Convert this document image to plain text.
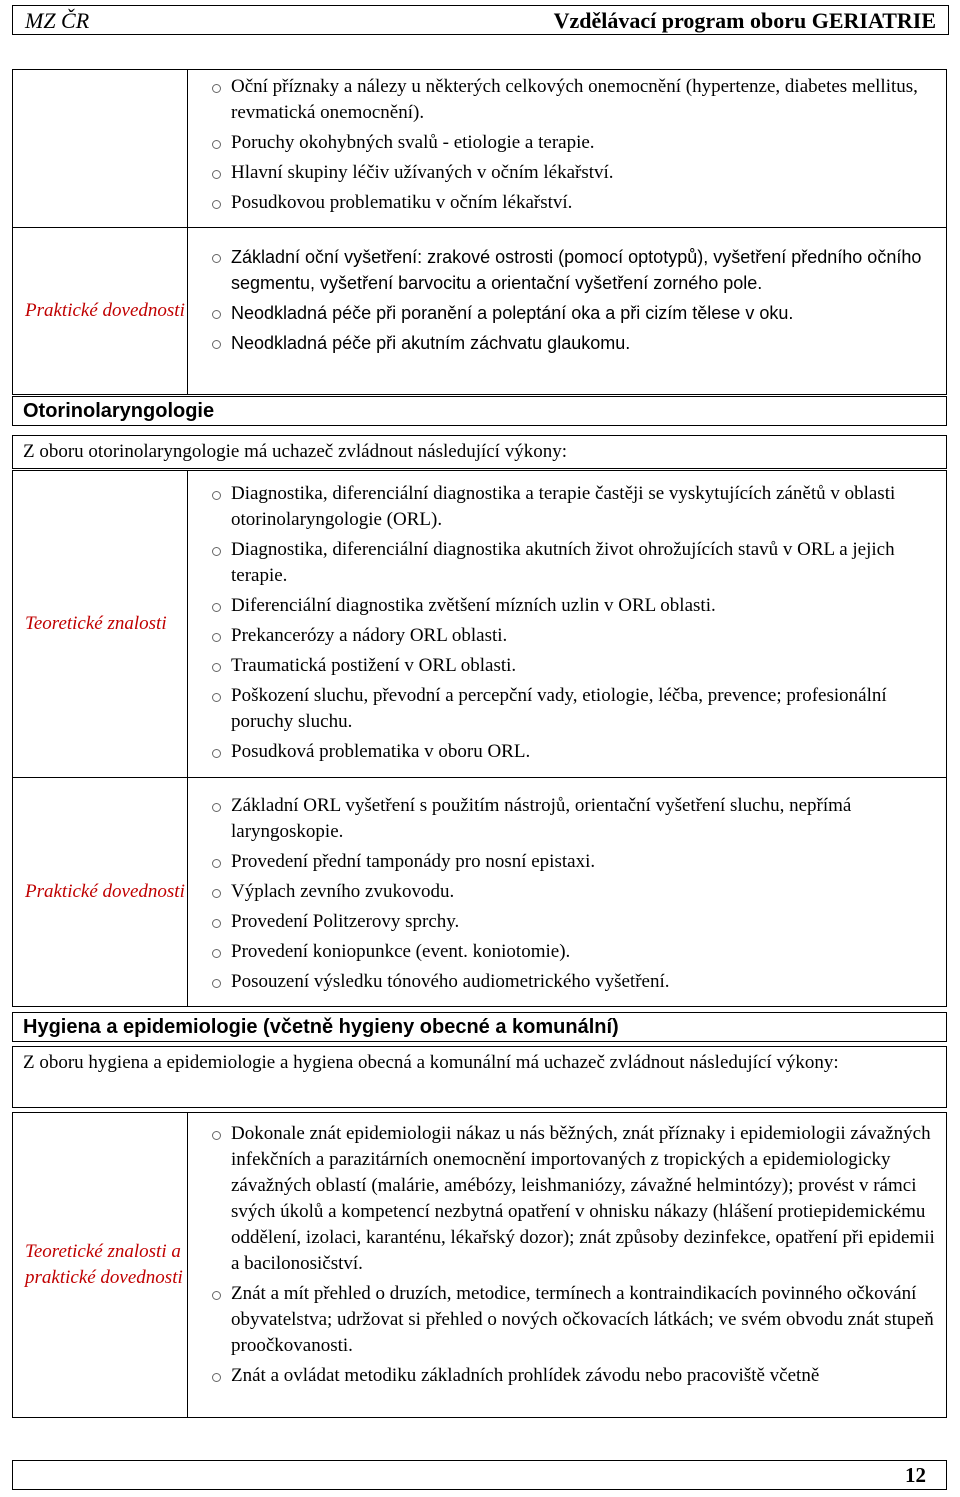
MZ ČR	Vzdělávací program oboru GERIATRIE
Oční příznaky a nálezy u některých celkových onemocnění (hypertenze, diabetes mellitus, revmatická onemocnění).
Poruchy okohybných svalů - etiologie a terapie.
Hlavní skupiny léčiv užívaných v očním lékařství.
Posudkovou problematiku v očním lékařství.
Praktické dovednosti
Základní oční vyšetření: zrakové ostrosti (pomocí optotypů), vyšetření předního očního segmentu, vyšetření barvocitu a orientační vyšetření zorného pole.
Neodkladná péče při poranění a poleptání oka a při cizím tělese v oku.
Neodkladná péče při akutním záchvatu glaukomu.
Otorinolaryngologie
Z oboru otorinolaryngologie má uchazeč zvládnout následující výkony:
Teoretické znalosti
Diagnostika, diferenciální diagnostika a terapie častěji se vyskytujících zánětů v oblasti otorinolaryngologie (ORL).
Diagnostika, diferenciální diagnostika akutních život ohrožujících stavů v ORL a jejich terapie.
Diferenciální diagnostika zvětšení mízních uzlin v ORL oblasti.
Prekancerózy a nádory ORL oblasti.
Traumatická postižení v ORL oblasti.
Poškození sluchu, převodní a percepční vady, etiologie, léčba, prevence; profesionální poruchy sluchu.
Posudková problematika v oboru ORL.
Praktické dovednosti
Základní ORL vyšetření s použitím nástrojů, orientační vyšetření sluchu, nepřímá laryngoskopie.
Provedení přední tamponády pro nosní epistaxi.
Výplach zevního zvukovodu.
Provedení Politzerovy sprchy.
Provedení koniopunkce (event. koniotomie).
Posouzení výsledku tónového audiometrického vyšetření.
Hygiena a epidemiologie (včetně hygieny obecné a komunální)
Z oboru hygiena a epidemiologie a hygiena obecná a komunální má uchazeč zvládnout následující výkony:
Teoretické znalosti a praktické dovednosti
Dokonale znát epidemiologii nákaz u nás běžných, znát příznaky i epidemiologii závažných infekčních a parazitárních onemocnění importovaných z tropických a epidemiologicky závažných oblastí (malárie, amébózy, leishmaniózy, závažné helmintózy); provést v rámci svých úkolů a kompetencí nezbytná opatření v ohnisku nákazy (hlášení protiepidemickému oddělení, izolaci, karanténu, lékařský dozor); znát způsoby dezinfekce, opatření při epidemii a bacilonosičství.
Znát a mít přehled o druzích, metodice, termínech a kontraindikacích povinného očkování obyvatelstva; udržovat si přehled o nových očkovacích látkách; ve svém obvodu znát stupeň proočkovanosti.
Znát a ovládat metodiku základních prohlídek závodu nebo pracoviště včetně
12
